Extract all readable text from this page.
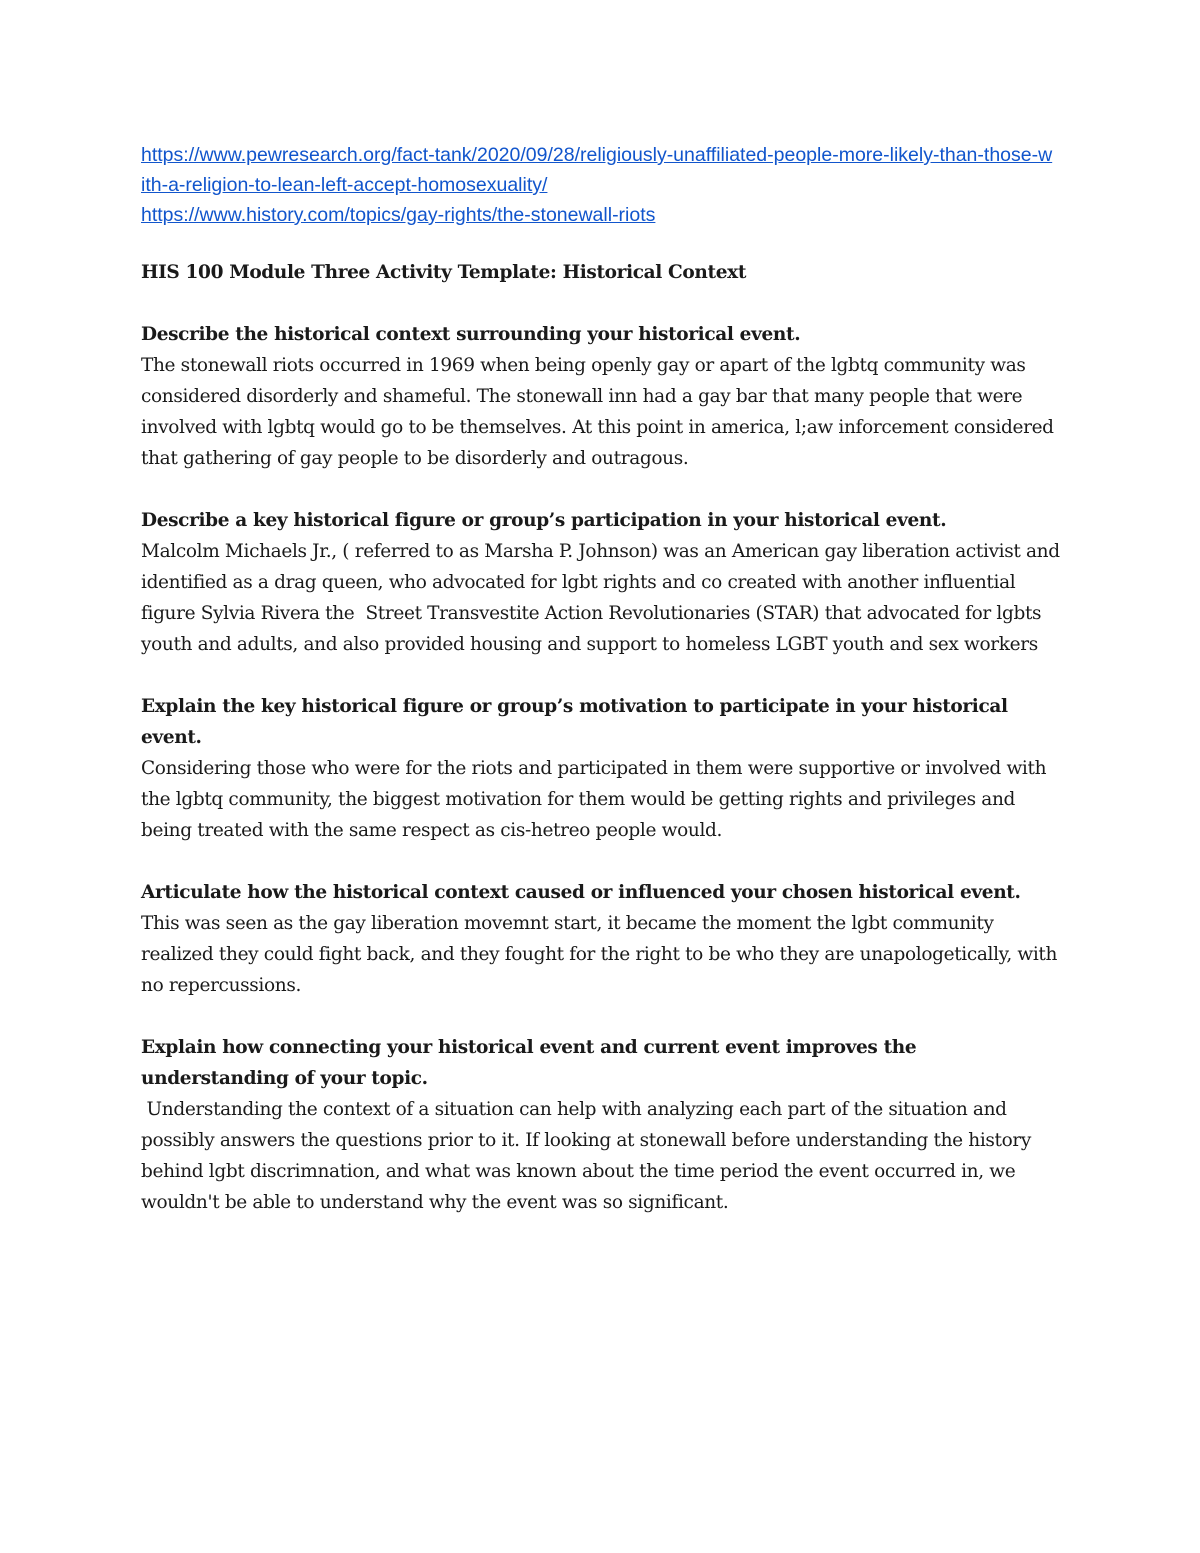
https://www.pewresearch.org/fact-tank/2020/09/28/religiously-unaffiliated-people-more-likely-than-those-with-a-religion-to-lean-left-accept-homosexuality/
https://www.history.com/topics/gay-rights/the-stonewall-riots
HIS 100 Module Three Activity Template: Historical Context
Describe the historical context surrounding your historical event.
The stonewall riots occurred in 1969 when being openly gay or apart of the lgbtq community was considered disorderly and shameful. The stonewall inn had a gay bar that many people that were involved with lgbtq would go to be themselves. At this point in america, l;aw inforcement considered that gathering of gay people to be disorderly and outragous.
Describe a key historical figure or group’s participation in your historical event.
Malcolm Michaels Jr., ( referred to as Marsha P. Johnson) was an American gay liberation activist and identified as a drag queen, who advocated for lgbt rights and co created with another influential figure Sylvia Rivera the  Street Transvestite Action Revolutionaries (STAR) that advocated for lgbts youth and adults, and also provided housing and support to homeless LGBT youth and sex workers
Explain the key historical figure or group’s motivation to participate in your historical event.
Considering those who were for the riots and participated in them were supportive or involved with the lgbtq community, the biggest motivation for them would be getting rights and privileges and being treated with the same respect as cis-hetreo people would.
Articulate how the historical context caused or influenced your chosen historical event.
This was seen as the gay liberation movemnt start, it became the moment the lgbt community realized they could fight back, and they fought for the right to be who they are unapologetically, with no repercussions.
Explain how connecting your historical event and current event improves the understanding of your topic.
Understanding the context of a situation can help with analyzing each part of the situation and possibly answers the questions prior to it. If looking at stonewall before understanding the history behind lgbt discrimnation, and what was known about the time period the event occurred in, we wouldn't be able to understand why the event was so significant.
